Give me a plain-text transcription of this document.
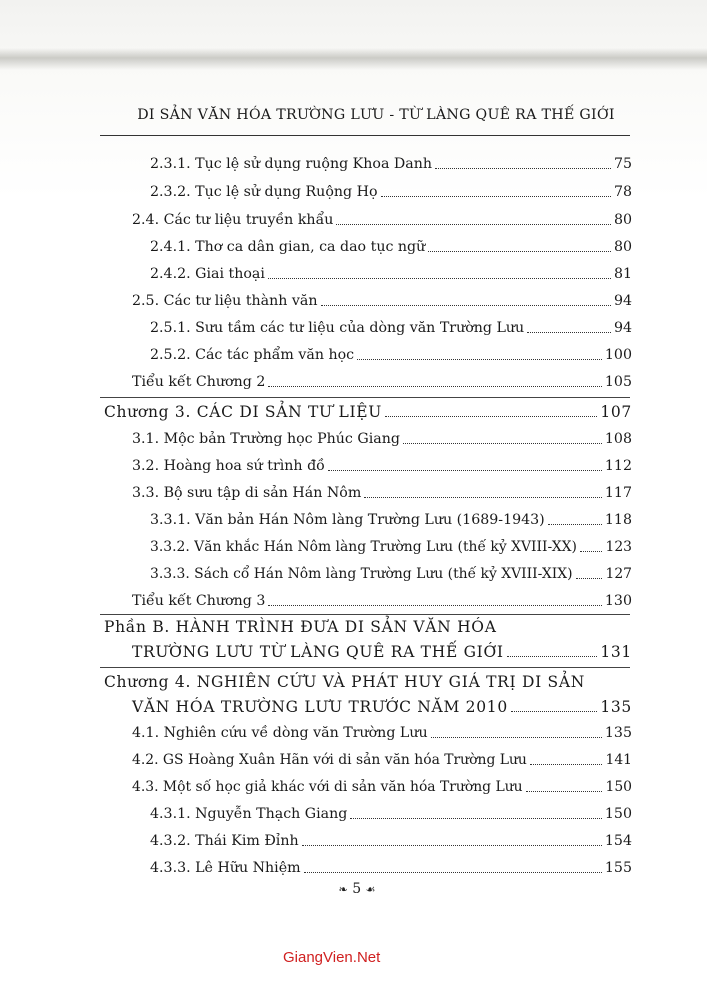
DI SẢN VĂN HÓA TRƯỜNG LƯU - TỪ LÀNG QUÊ RA THẾ GIỚI
2.3.1. Tục lệ sử dụng ruộng Khoa Danh	75
2.3.2. Tục lệ sử dụng Ruộng Họ	78
2.4. Các tư liệu truyền khẩu	80
2.4.1. Thơ ca dân gian, ca dao tục ngữ	80
2.4.2. Giai thoại	81
2.5. Các tư liệu thành văn	94
2.5.1. Sưu tầm các tư liệu của dòng văn Trường Lưu	94
2.5.2. Các tác phẩm văn học	100
Tiểu kết Chương 2	105
Chương 3. CÁC DI SẢN TƯ LIỆU	107
3.1. Mộc bản Trường học Phúc Giang	108
3.2. Hoàng hoa sứ trình đồ	112
3.3. Bộ sưu tập di sản Hán Nôm	117
3.3.1. Văn bản Hán Nôm làng Trường Lưu (1689-1943)	118
3.3.2. Văn khắc Hán Nôm làng Trường Lưu (thế kỷ XVIII-XX) 123
3.3.3. Sách cổ Hán Nôm làng Trường Lưu (thế kỷ XVIII-XIX) 127
Tiểu kết Chương 3	130
Phần B. HÀNH TRÌNH ĐƯA DI SẢN VĂN HÓA
TRƯỜNG LƯU TỪ LÀNG QUÊ RA THẾ GIỚI	131
Chương 4. NGHIÊN CỨU VÀ PHÁT HUY GIÁ TRỊ DI SẢN
VĂN HÓA TRƯỜNG LƯU TRƯỚC NĂM 2010	135
4.1. Nghiên cứu về dòng văn Trường Lưu	135
4.2. GS Hoàng Xuân Hãn với di sản văn hóa Trường Lưu	141
4.3. Một số học giả khác với di sản văn hóa Trường Lưu	150
4.3.1. Nguyễn Thạch Giang	150
4.3.2. Thái Kim Đỉnh	154
4.3.3. Lê Hữu Nhiệm	155
❧ 5 ☙
GiangVien.Net
